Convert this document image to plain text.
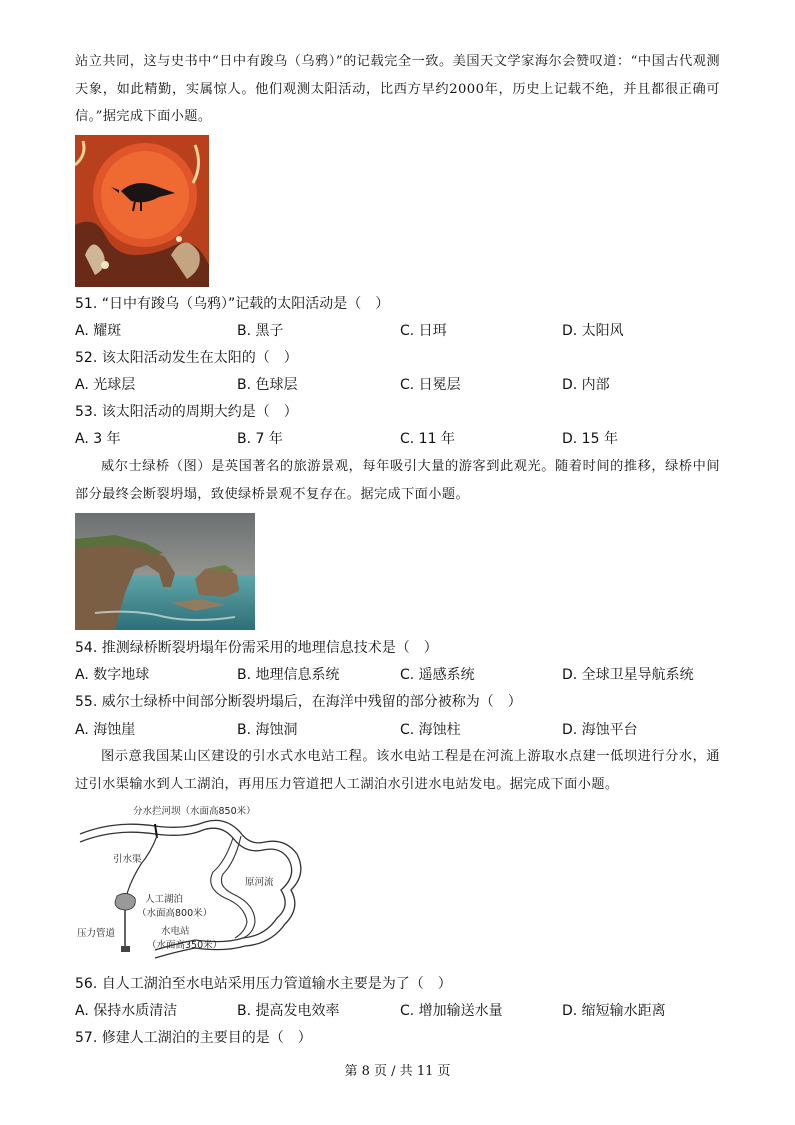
站立共同，这与史书中“日中有踆乌（乌鸦）”的记载完全一致。美国天文学家海尔会赞叹道：“中国古代观测天象，如此精勤，实属惊人。他们观测太阳活动，比西方早约2000年，历史上记载不绝，并且都很正确可信。”据完成下面小题。
51. “日中有踆乌（乌鸦）”记载的太阳活动是（　）
A. 耀斑	B. 黑子	C. 日珥	D. 太阳风
52. 该太阳活动发生在太阳的（　）
A. 光球层	B. 色球层	C. 日冕层	D. 内部
53. 该太阳活动的周期大约是（　）
A. 3 年	B. 7 年	C. 11 年	D. 15 年
威尔士绿桥（图）是英国著名的旅游景观，每年吸引大量的游客到此观光。随着时间的推移，绿桥中间部分最终会断裂坍塌，致使绿桥景观不复存在。据完成下面小题。
54. 推测绿桥断裂坍塌年份需采用的地理信息技术是（　）
A. 数字地球	B. 地理信息系统	C. 遥感系统	D. 全球卫星导航系统
55. 威尔士绿桥中间部分断裂坍塌后，在海洋中残留的部分被称为（　）
A. 海蚀崖	B. 海蚀洞	C. 海蚀柱	D. 海蚀平台
图示意我国某山区建设的引水式水电站工程。该水电站工程是在河流上游取水点建一低坝进行分水，通过引水渠输水到人工湖泊，再用压力管道把人工湖泊水引进水电站发电。据完成下面小题。
分水拦河坝（水面高850米）
引水渠
原河流
人工湖泊
（水面高800米）
压力管道	水电站
（水面高350米）
56. 自人工湖泊至水电站采用压力管道输水主要是为了（　）
A. 保持水质清洁	B. 提高发电效率	C. 增加输送水量	D. 缩短输水距离
57. 修建人工湖泊的主要目的是（　）
第 8 页 / 共 11 页
